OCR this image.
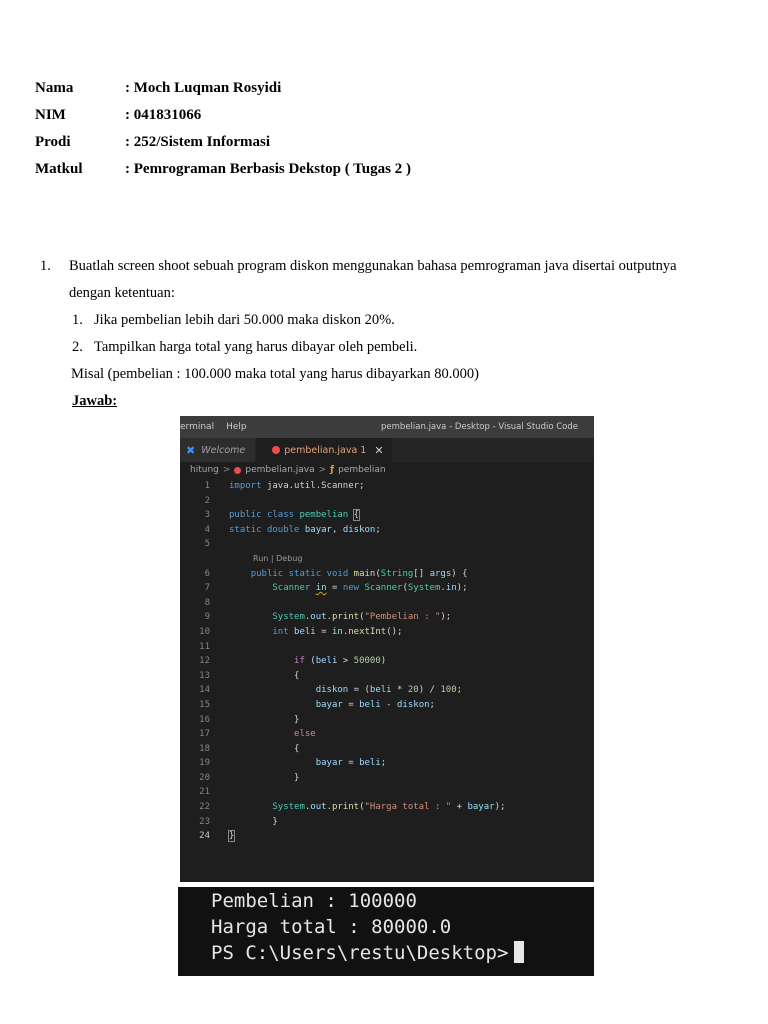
Nama	: Moch Luqman Rosyidi
NIM	: 041831066
Prodi	: 252/Sistem Informasi
Matkul	: Pemrograman Berbasis Dekstop ( Tugas 2 )
1. Buatlah screen shoot sebuah program diskon menggunakan bahasa pemrograman java disertai outputnya
dengan ketentuan:
1. Jika pembelian lebih dari 50.000 maka diskon 20%.
2. Tampilkan harga total yang harus dibayar oleh pembeli.
Misal (pembelian : 100.000 maka total yang harus dibayarkan 80.000)
Jawab:
erminal	Help	pembelian.java - Desktop - Visual Studio Code
✖ Welcome	pembelian.java 1 ✕
hitung > pembelian.java > ƒ pembelian
1	import java.util.Scanner;
2
3	public class pembelian {
4	static double bayar, diskon;
5
Run | Debug
6	public static void main(String[] args) {
7	Scanner in = new Scanner(System.in);
8
9	System.out.print("Pembelian : ");
10	int beli = in.nextInt();
11
12	if (beli > 50000)
13	{
14	diskon = (beli * 20) / 100;
15	bayar = beli - diskon;
16	}
17	else
18	{
19	bayar = beli;
20	}
21
22	System.out.print("Harga total : " + bayar);
23	}
24	}
Pembelian : 100000
Harga total : 80000.0
PS C:\Users\restu\Desktop>
